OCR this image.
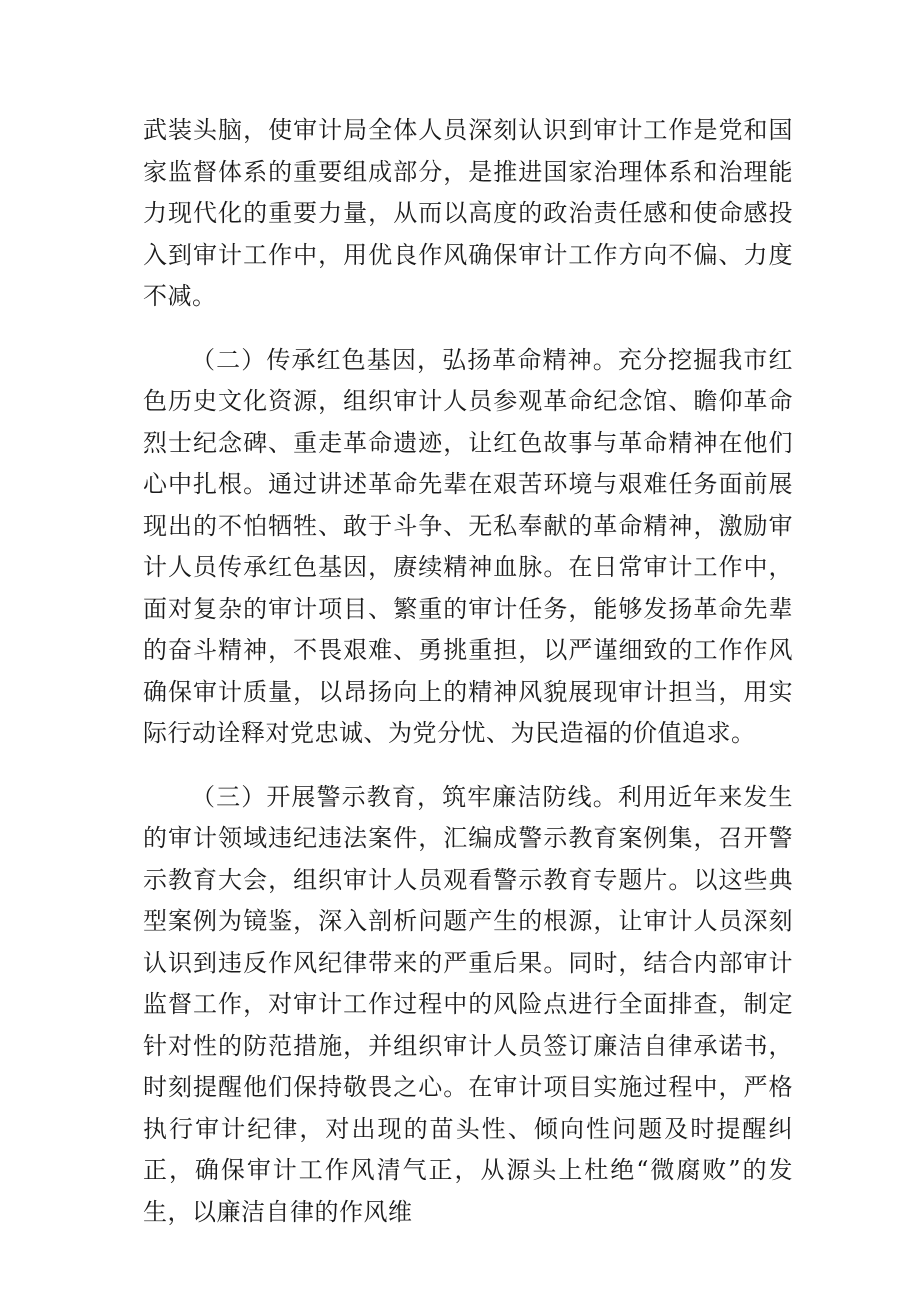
武装头脑，使审计局全体人员深刻认识到审计工作是党和国家监督体系的重要组成部分，是推进国家治理体系和治理能力现代化的重要力量，从而以高度的政治责任感和使命感投入到审计工作中，用优良作风确保审计工作方向不偏、力度不减。

（二）传承红色基因，弘扬革命精神。充分挖掘我市红色历史文化资源，组织审计人员参观革命纪念馆、瞻仰革命烈士纪念碑、重走革命遗迹，让红色故事与革命精神在他们心中扎根。通过讲述革命先辈在艰苦环境与艰难任务面前展现出的不怕牺牲、敢于斗争、无私奉献的革命精神，激励审计人员传承红色基因，赓续精神血脉。在日常审计工作中，面对复杂的审计项目、繁重的审计任务，能够发扬革命先辈的奋斗精神，不畏艰难、勇挑重担，以严谨细致的工作作风确保审计质量，以昂扬向上的精神风貌展现审计担当，用实际行动诠释对党忠诚、为党分忧、为民造福的价值追求。

（三）开展警示教育，筑牢廉洁防线。利用近年来发生的审计领域违纪违法案件，汇编成警示教育案例集，召开警示教育大会，组织审计人员观看警示教育专题片。以这些典型案例为镜鉴，深入剖析问题产生的根源，让审计人员深刻认识到违反作风纪律带来的严重后果。同时，结合内部审计监督工作，对审计工作过程中的风险点进行全面排查，制定针对性的防范措施，并组织审计人员签订廉洁自律承诺书，时刻提醒他们保持敬畏之心。在审计项目实施过程中，严格执行审计纪律，对出现的苗头性、倾向性问题及时提醒纠正，确保审计工作风清气正，从源头上杜绝“微腐败”的发生，以廉洁自律的作风维
